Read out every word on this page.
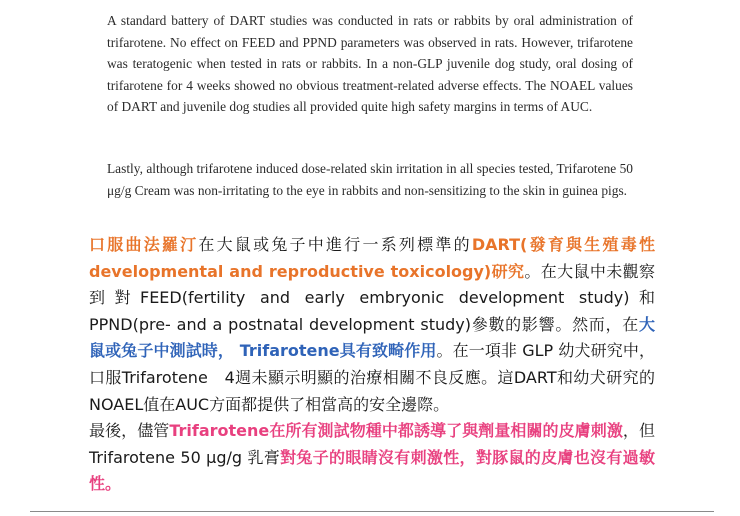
A standard battery of DART studies was conducted in rats or rabbits by oral administration of trifarotene. No effect on FEED and PPND parameters was observed in rats. However, trifarotene was teratogenic when tested in rats or rabbits. In a non-GLP juvenile dog study, oral dosing of trifarotene for 4 weeks showed no obvious treatment-related adverse effects. The NOAEL values of DART and juvenile dog studies all provided quite high safety margins in terms of AUC.

Lastly, although trifarotene induced dose-related skin irritation in all species tested, Trifarotene 50 μg/g Cream was non-irritating to the eye in rabbits and non-sensitizing to the skin in guinea pigs.

口服曲法羅汀在大鼠或兔子中進行一系列標準的DART(發育與生殖毒性 developmental and reproductive toxicology)研究。在大鼠中未觀察到對FEED(fertility and early embryonic development study)和PPND(pre- and a postnatal development study)參數的影響。然而，在大鼠或兔子中測試時， Trifarotene具有致畸作用。在一項非 GLP 幼犬研究中，口服Trifarotene　4週未顯示明顯的治療相關不良反應。這DART和幼犬研究的NOAEL值在AUC方面都提供了相當高的安全邊際。
最後，儘管Trifarotene在所有測試物種中都誘導了與劑量相關的皮膚刺激，但Trifarotene 50 μg/g 乳膏對兔子的眼睛沒有刺激性，對豚鼠的皮膚也沒有過敏性。
